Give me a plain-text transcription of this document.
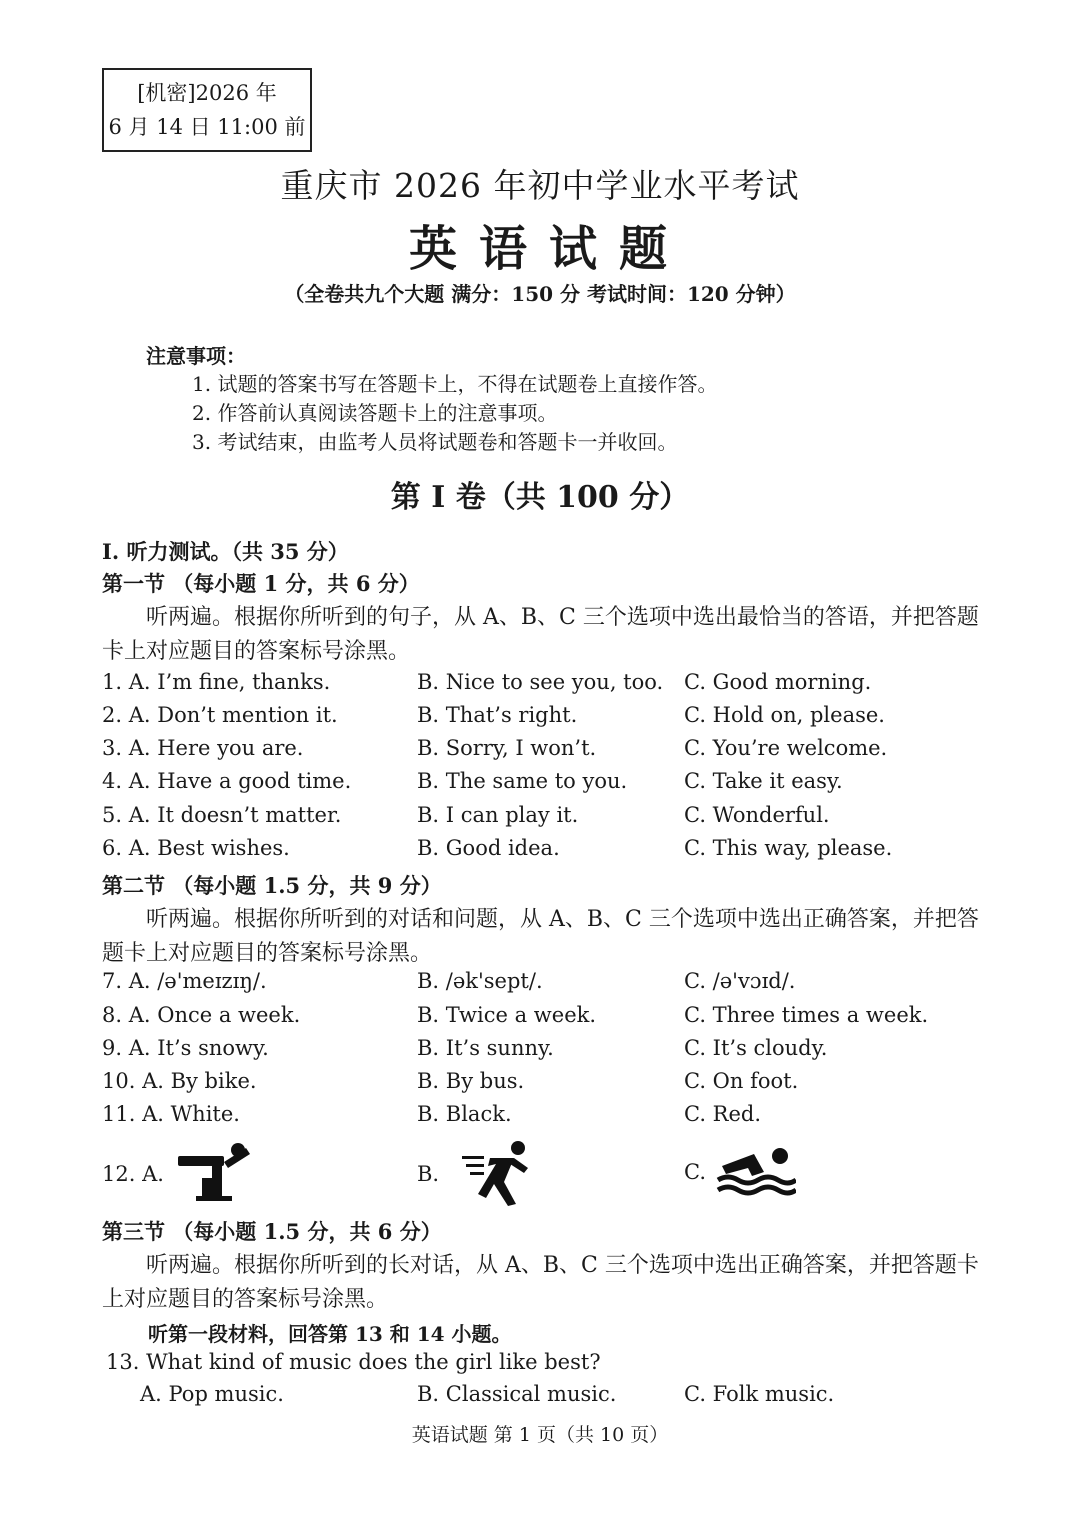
[机密]2026 年
6 月 14 日 11:00 前
重庆市 2026 年初中学业水平考试
英语试题
（全卷共九个大题 满分：150 分 考试时间：120 分钟）
注意事项：
1. 试题的答案书写在答题卡上，不得在试题卷上直接作答。
2. 作答前认真阅读答题卡上的注意事项。
3. 考试结束，由监考人员将试题卷和答题卡一并收回。
第 I 卷（共 100 分）
I. 听力测试。（共 35 分）
第一节 （每小题 1 分，共 6 分）
听两遍。根据你所听到的句子，从 A、B、C 三个选项中选出最恰当的答语，并把答题
卡上对应题目的答案标号涂黑。
1. A. I’m fine, thanks.	B. Nice to see you, too. C. Good morning.
2. A. Don’t mention it.	B. That’s right.	C. Hold on, please.
3. A. Here you are.	B. Sorry, I won’t.	C. You’re welcome.
4. A. Have a good time.	B. The same to you.	C. Take it easy.
5. A. It doesn’t matter.	B. I can play it.	C. Wonderful.
6. A. Best wishes.	B. Good idea.	C. This way, please.
第二节 （每小题 1.5 分，共 9 分）
听两遍。根据你所听到的对话和问题，从 A、B、C 三个选项中选出正确答案，并把答
题卡上对应题目的答案标号涂黑。
7. A. /ə'meɪzɪŋ/.	B. /ək'sept/.	C. /ə'vɔɪd/.
8. A. Once a week.	B. Twice a week.	C. Three times a week.
9. A. It’s snowy.	B. It’s sunny.	C. It’s cloudy.
10. A. By bike.	B. By bus.	C. On foot.
11. A. White.	B. Black.	C. Red.
12. A.	B.	C.
第三节 （每小题 1.5 分，共 6 分）
听两遍。根据你所听到的长对话，从 A、B、C 三个选项中选出正确答案，并把答题卡
上对应题目的答案标号涂黑。
听第一段材料，回答第 13 和 14 小题。
13. What kind of music does the girl like best?
A. Pop music.	B. Classical music.	C. Folk music.
英语试题 第 1 页（共 10 页）
